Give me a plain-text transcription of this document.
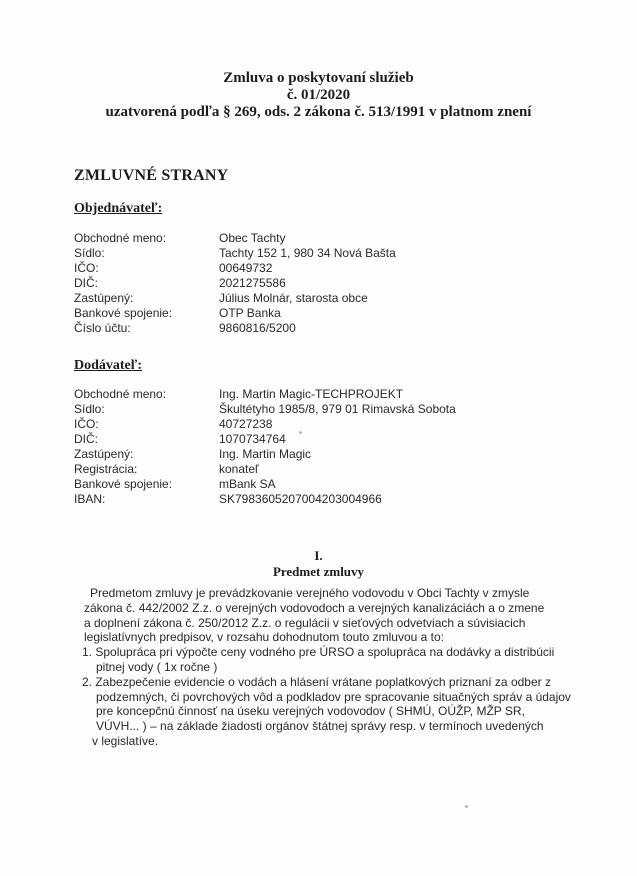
Zmluva o poskytovaní služieb
č. 01/2020
uzatvorená podľa § 269, ods. 2 zákona č. 513/1991 v platnom znení
ZMLUVNÉ STRANY
Objednávateľ:
Obchodné meno:	Obec Tachty
Sídlo:	Tachty 152 1, 980 34 Nová Bašta
IČO:	00649732
DIČ:	2021275586
Zastúpený:	Július Molnár, starosta obce
Bankové spojenie:	OTP Banka
Číslo účtu:	9860816/5200
Dodávateľ:
Obchodné meno:	Ing. Martin Magic-TECHPROJEKT
Sídlo:	Škultétyho 1985/8, 979 01 Rimavská Sobota
IČO:	40727238
DIČ:	1070734764
Zastúpený:	Ing. Martin Magic
Registrácia:	konateľ
Bankové spojenie:	mBank SA
IBAN:	SK7983605207004203004966
I.
Predmet zmluvy
Predmetom zmluvy je prevádzkovanie verejného vodovodu v Obci Tachty v zmysle
zákona č. 442/2002 Z.z. o verejných vodovodoch a verejných kanalizáciách a o zmene
a doplnení zákona č. 250/2012 Z.z. o regulácii v sieťových odvetviach a súvisiacich
legislatívnych predpisov, v rozsahu dohodnutom touto zmluvou a to:
1. Spolupráca pri výpočte ceny vodného pre ÚRSO a spolupráca na dodávky a distribúcii
pitnej vody ( 1x ročne )
2. Zabezpečenie evidencie o vodách a hlásení vrátane poplatkových priznaní za odber z
podzemných, či povrchových vôd a podkladov pre spracovanie situačných správ a údajov
pre koncepčnú činnosť na úseku verejných vodovodov ( SHMÚ, OÚŽP, MŽP SR,
VÚVH... ) – na základe žiadosti orgánov štátnej správy resp. v termínoch uvedených
v legislatíve.
